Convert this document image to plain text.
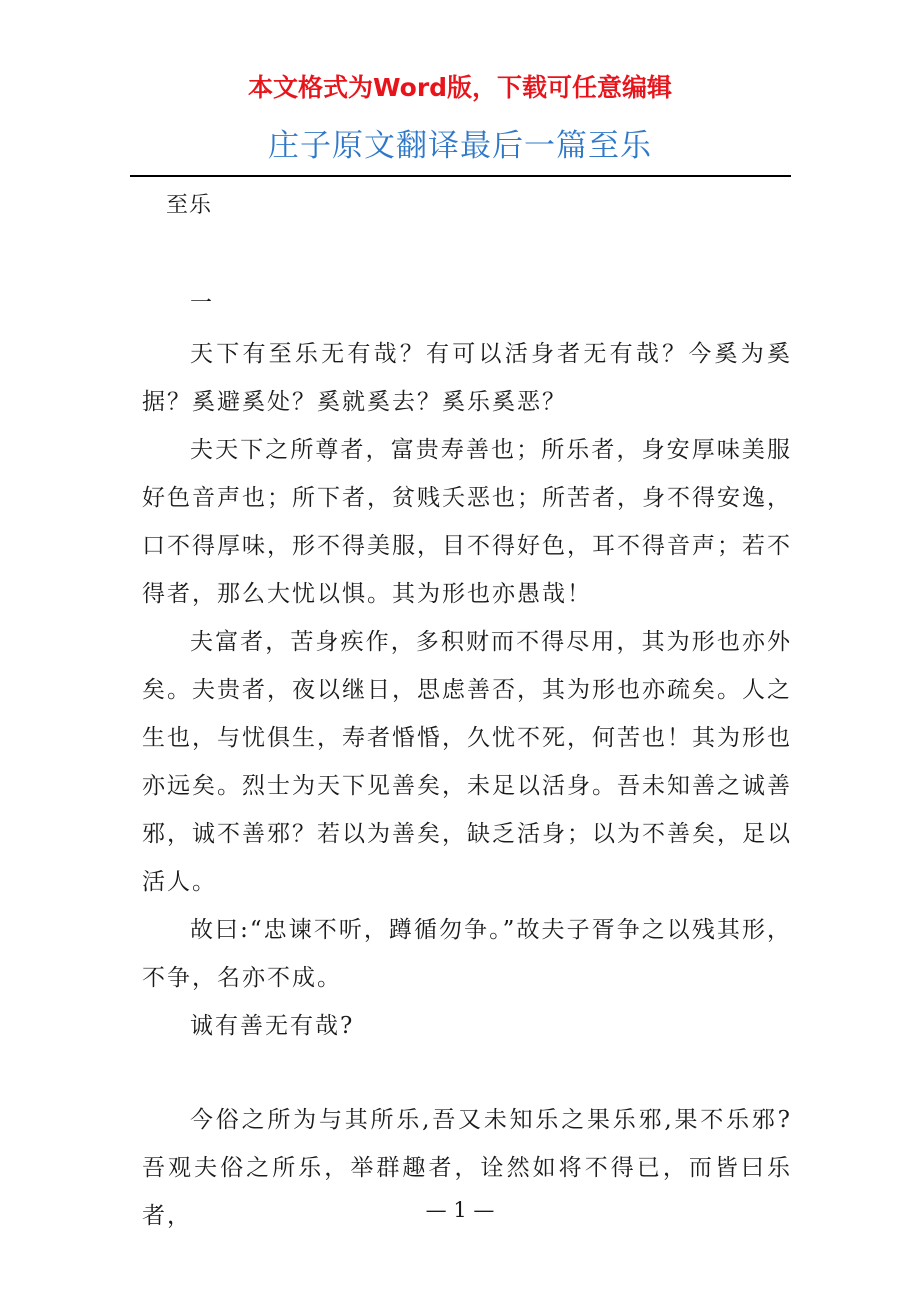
本文格式为Word版，下载可任意编辑
庄子原文翻译最后一篇至乐
至乐
一

天下有至乐无有哉？有可以活身者无有哉？今奚为奚据？奚避奚处？奚就奚去？奚乐奚恶？

夫天下之所尊者，富贵寿善也；所乐者，身安厚味美服好色音声也；所下者，贫贱夭恶也；所苦者，身不得安逸，口不得厚味，形不得美服，目不得好色，耳不得音声；若不得者，那么大忧以惧。其为形也亦愚哉！

夫富者，苦身疾作，多积财而不得尽用，其为形也亦外矣。夫贵者，夜以继日，思虑善否，其为形也亦疏矣。人之生也，与忧俱生，寿者惛惛，久忧不死，何苦也！其为形也亦远矣。烈士为天下见善矣，未足以活身。吾未知善之诚善邪，诚不善邪？若以为善矣，缺乏活身；以为不善矣，足以活人。

故曰:“忠谏不听，蹲循勿争。”故夫子胥争之以残其形，不争，名亦不成。

诚有善无有哉?

今俗之所为与其所乐,吾又未知乐之果乐邪,果不乐邪?吾观夫俗之所乐，举群趣者，诠然如将不得已，而皆曰乐者，	— 1 —
